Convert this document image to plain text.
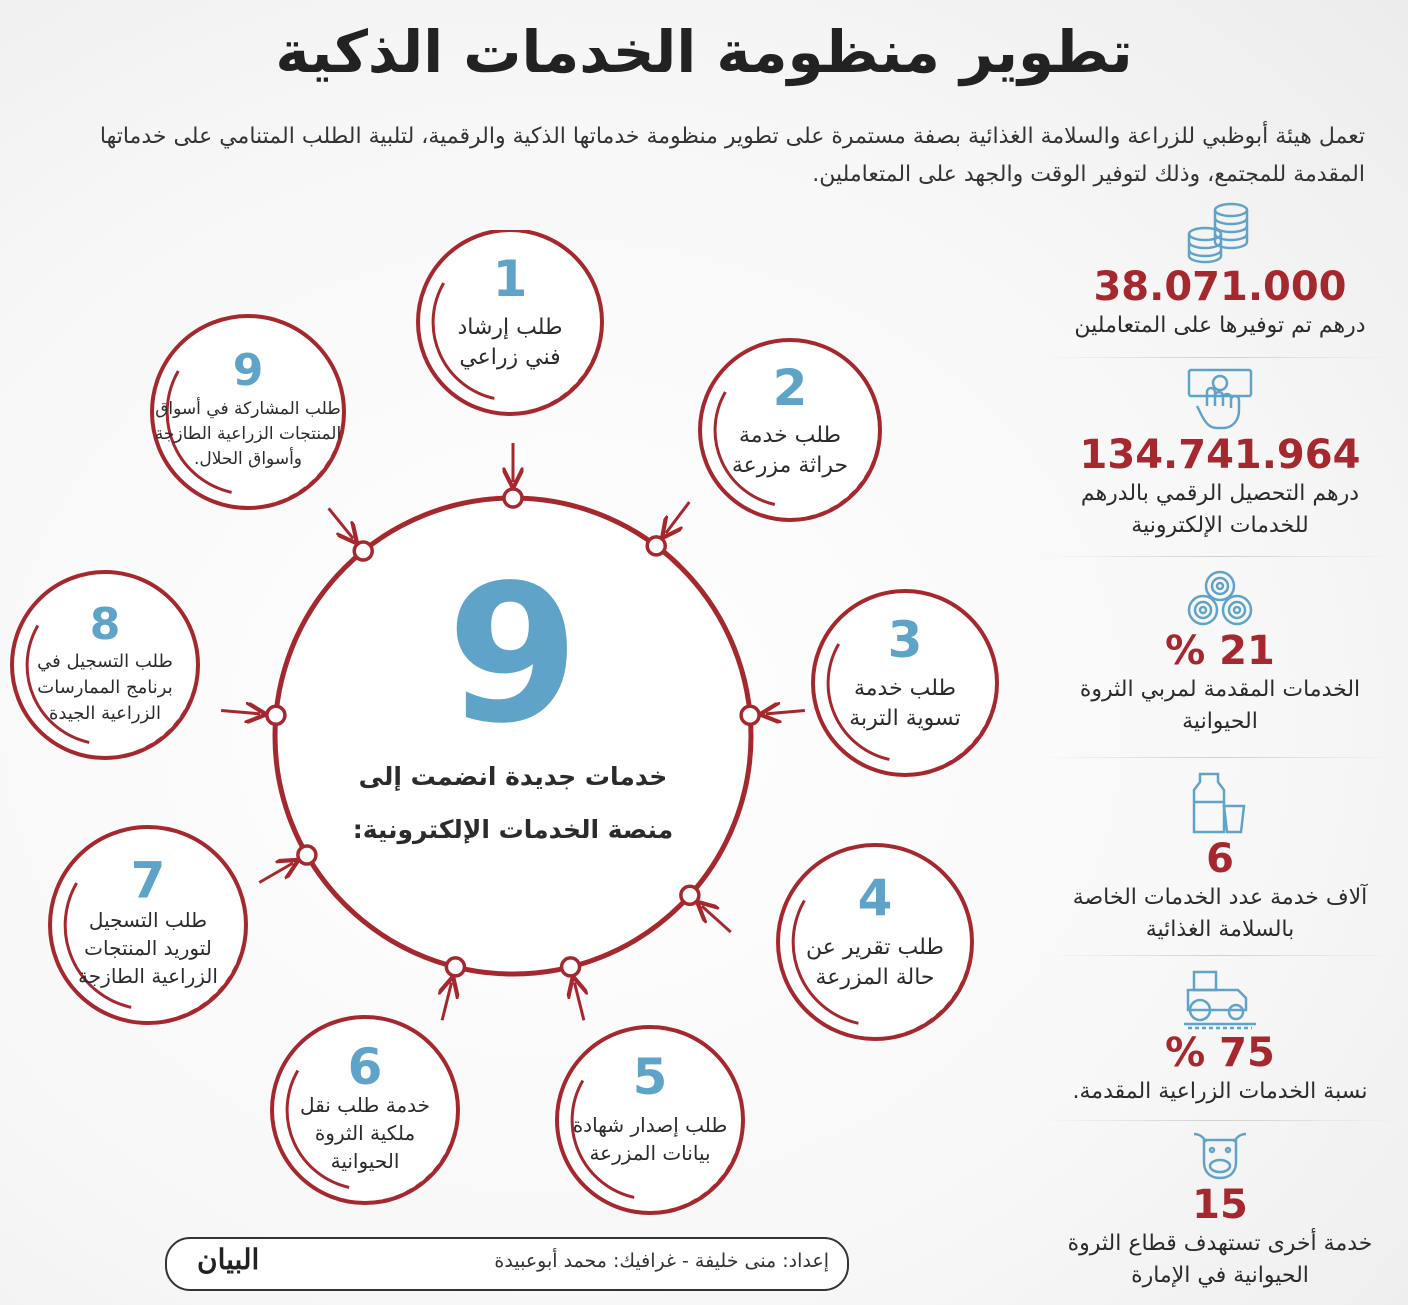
تطوير منظومة الخدمات الذكية
تعمل هيئة أبوظبي للزراعة والسلامة الغذائية بصفة مستمرة على تطوير منظومة خدماتها الذكية والرقمية، لتلبية الطلب المتنامي على خدماتها المقدمة للمجتمع، وذلك لتوفير الوقت والجهد على المتعاملين.
9
خدمات جديدة انضمت إلى
منصة الخدمات الإلكترونية:
1
طلب إرشاد
فني زراعي
2
طلب خدمة
حراثة مزرعة
3
طلب خدمة
تسوية التربة
4
طلب تقرير عن
حالة المزرعة
5
طلب إصدار شهادة
بيانات المزرعة
6
خدمة طلب نقل
ملكية الثروة
الحيوانية
7
طلب التسجيل
لتوريد المنتجات
الزراعية الطازجة
8
طلب التسجيل في
برنامج الممارسات
الزراعية الجيدة
9
طلب المشاركة في أسواق
المنتجات الزراعية الطازجة
وأسواق الحلال.
38.071.000
درهم تم توفيرها على المتعاملين
134.741.964
درهم التحصيل الرقمي بالدرهم
للخدمات الإلكترونية
21 %
الخدمات المقدمة لمربي الثروة
الحيوانية
6
آلاف خدمة عدد الخدمات الخاصة
بالسلامة الغذائية
75 %
نسبة الخدمات الزراعية المقدمة.
15
خدمة أخرى تستهدف قطاع الثروة
الحيوانية في الإمارة
إعداد: منى خليفة - غرافيك: محمد أبوعبيدة
البيان
